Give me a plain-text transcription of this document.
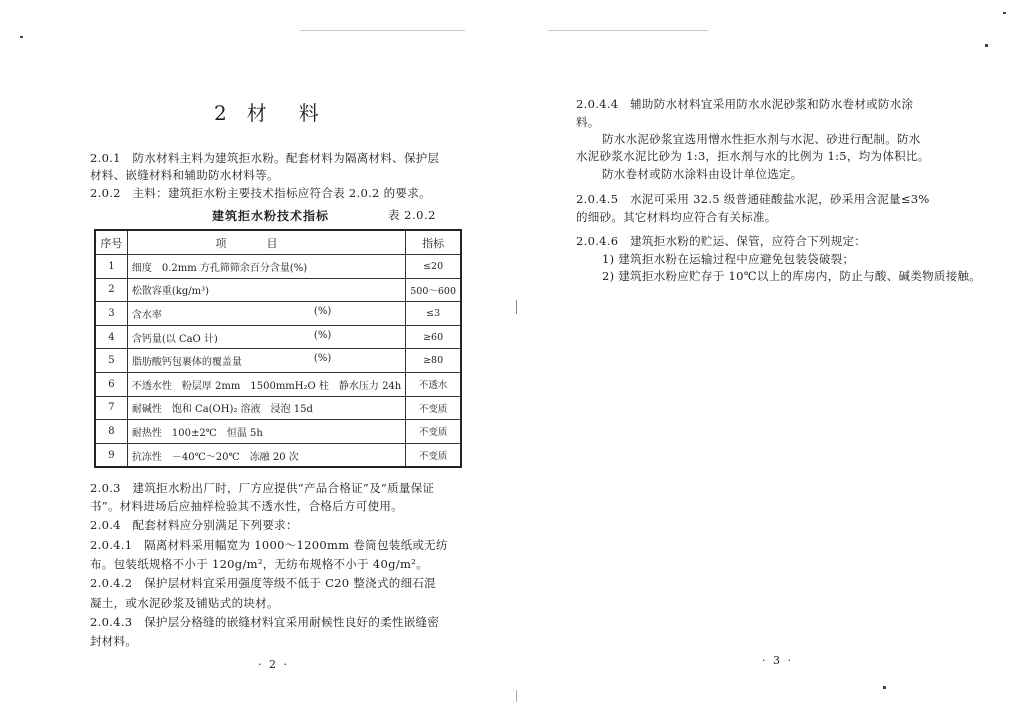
2 材 料

2.0.1　防水材料主料为建筑拒水粉。配套材料为隔离材料、保护层

材料、嵌缝材料和辅助防水材料等。

2.0.2　主料：建筑拒水粉主要技术指标应符合表 2.0.2 的要求。

建筑拒水粉技术指标	表 2.0.2

序号	项目	指标
1	细度　0.2mm 方孔筛筛余百分含量(%)	≤20
2	松散容重(kg/m³)	500～600
3	含水率 (%)	≤3
4	含钙量(以 CaO 计) (%)	≥60
5	脂肪酸钙包裹体的覆盖量 (%)	≥80
6	不透水性　粉层厚 2mm　1500mmH₂O 柱　静水压力 24h	不透水
7	耐碱性　饱和 Ca(OH)₂ 溶液　浸泡 15d	不变质
8	耐热性　100±2℃　恒温 5h	不变质
9	抗冻性　－40℃～20℃　冻融 20 次	不变质

2.0.3　建筑拒水粉出厂时，厂方应提供“产品合格证”及“质量保证

书”。材料进场后应抽样检验其不透水性，合格后方可使用。

2.0.4　配套材料应分别满足下列要求：

2.0.4.1　隔离材料采用幅宽为 1000～1200mm 卷筒包装纸或无纺

布。包装纸规格不小于 120g/m²，无纺布规格不小于 40g/m²。

2.0.4.2　保护层材料宜采用强度等级不低于 C20 整浇式的细石混

凝土，或水泥砂浆及铺贴式的块材。

2.0.4.3　保护层分格缝的嵌缝材料宜采用耐候性良好的柔性嵌缝密

封材料。

· 2 ·

2.0.4.4　辅助防水材料宜采用防水水泥砂浆和防水卷材或防水涂

料。

防水水泥砂浆宜选用憎水性拒水剂与水泥、砂进行配制。防水

水泥砂浆水泥比砂为 1:3，拒水剂与水的比例为 1:5，均为体积比。

防水卷材或防水涂料由设计单位选定。

2.0.4.5　水泥可采用 32.5 级普通硅酸盐水泥，砂采用含泥量≤3%

的细砂。其它材料均应符合有关标准。

2.0.4.6　建筑拒水粉的贮运、保管，应符合下列规定：

1) 建筑拒水粉在运输过程中应避免包装袋破裂；

2) 建筑拒水粉应贮存于 10℃以上的库房内，防止与酸、碱类物质接触。

· 3 ·
